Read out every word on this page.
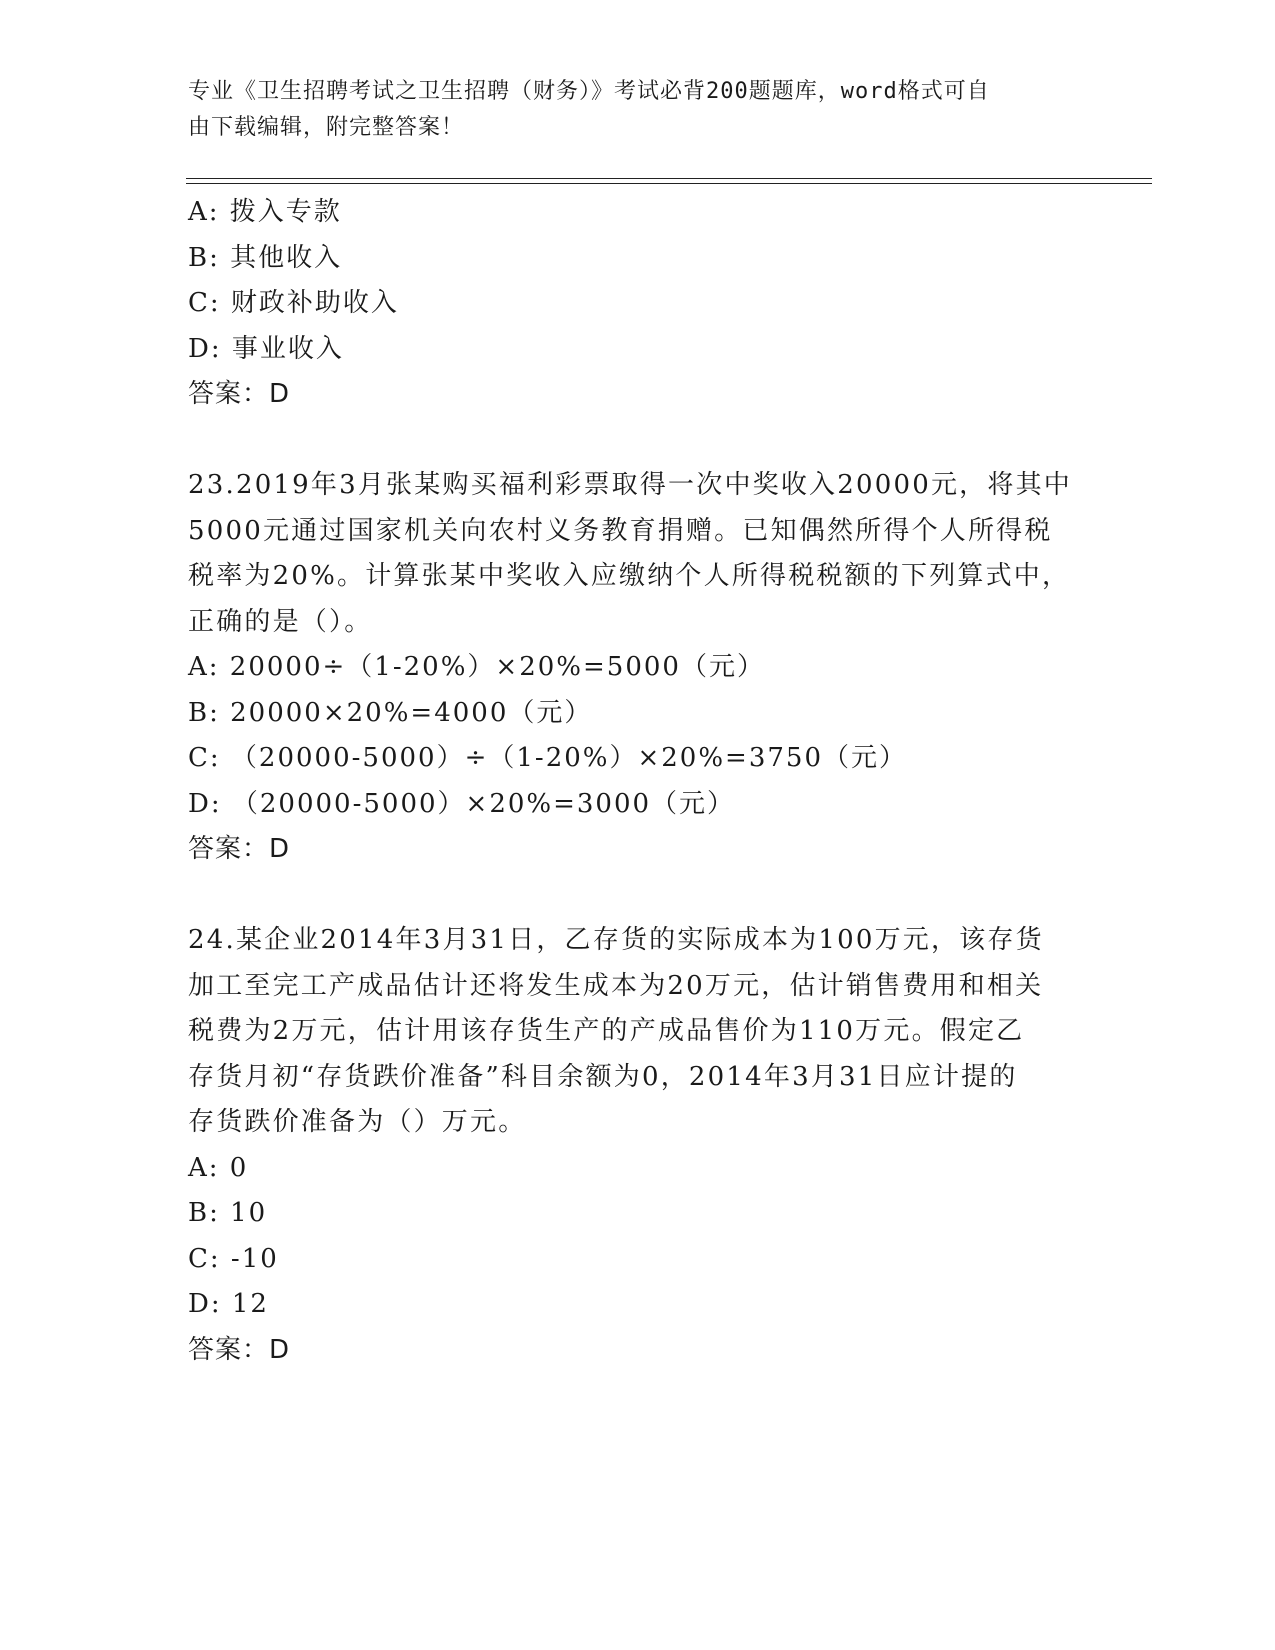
专业《卫生招聘考试之卫生招聘（财务）》考试必背200题题库，word格式可自
由下载编辑，附完整答案！
A: 拨入专款
B: 其他收入
C: 财政补助收入
D: 事业收入
答案：D
23.2019年3月张某购买福利彩票取得一次中奖收入20000元，将其中
5000元通过国家机关向农村义务教育捐赠。已知偶然所得个人所得税
税率为20%。计算张某中奖收入应缴纳个人所得税税额的下列算式中，
正确的是（）。
A: 20000÷（1-20%）×20%=5000（元）
B: 20000×20%=4000（元）
C: （20000-5000）÷（1-20%）×20%=3750（元）
D: （20000-5000）×20%=3000（元）
答案：D
24.某企业2014年3月31日，乙存货的实际成本为100万元，该存货
加工至完工产成品估计还将发生成本为20万元，估计销售费用和相关
税费为2万元，估计用该存货生产的产成品售价为110万元。假定乙
存货月初“存货跌价准备”科目余额为0，2014年3月31日应计提的
存货跌价准备为（）万元。
A: 0
B: 10
C: -10
D: 12
答案：D
